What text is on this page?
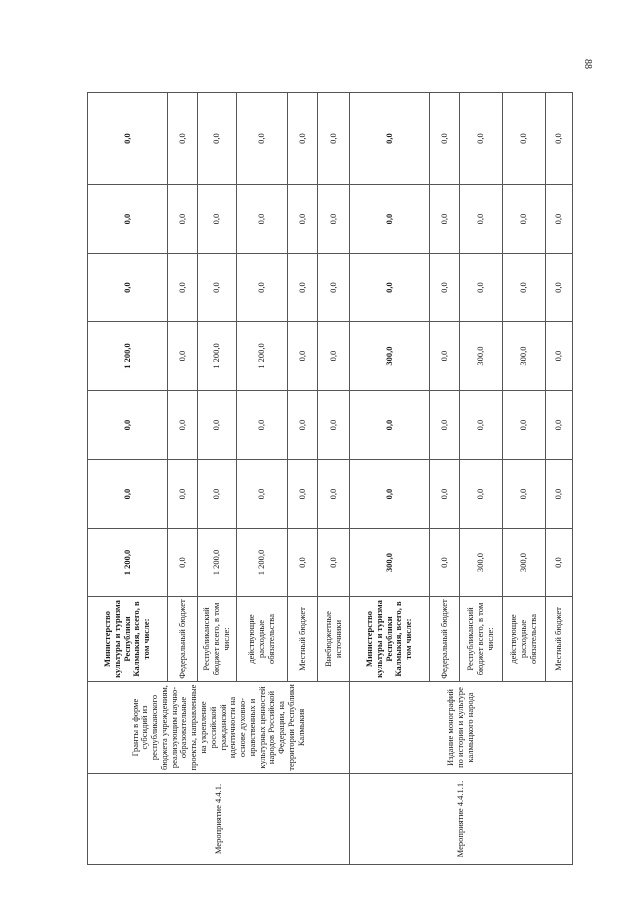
88
Мероприятие 4.4.1.	Гранты в форме субсидий из республиканского бюджета учреждениям, реализующим научно-образовательные проекты, направленные на укрепление российской гражданской идентичности на основе духовно-нравственных и культурных ценностей народов Российской Федерации, на территории Республики Калмыкия	Министерство культуры и туризма Республики Калмыкия, всего, в том числе:	1 200,0	0,0	0,0	1 200,0	0,0	0,0	0,0
		Федеральный бюджет	0,0	0,0	0,0	0,0	0,0	0,0	0,0
		Республиканский бюджет всего, в том числе:	1 200,0	0,0	0,0	1 200,0	0,0	0,0	0,0
		действующие расходные обязательства	1 200,0	0,0	0,0	1 200,0	0,0	0,0	0,0
		Местный бюджет	0,0	0,0	0,0	0,0	0,0	0,0	0,0
		Внебюджетные источники	0,0	0,0	0,0	0,0	0,0	0,0	0,0
Мероприятие 4.4.1.1.	Издание монографий по истории и культуре калмыцкого народа	Министерство культуры и туризма Республики Калмыкия, всего, в том числе:	300,0	0,0	0,0	300,0	0,0	0,0	0,0
		Федеральный бюджет	0,0	0,0	0,0	0,0	0,0	0,0	0,0
		Республиканский бюджет всего, в том числе:	300,0	0,0	0,0	300,0	0,0	0,0	0,0
		действующие расходные обязательства	300,0	0,0	0,0	300,0	0,0	0,0	0,0
		Местный бюджет	0,0	0,0	0,0	0,0	0,0	0,0	0,0
